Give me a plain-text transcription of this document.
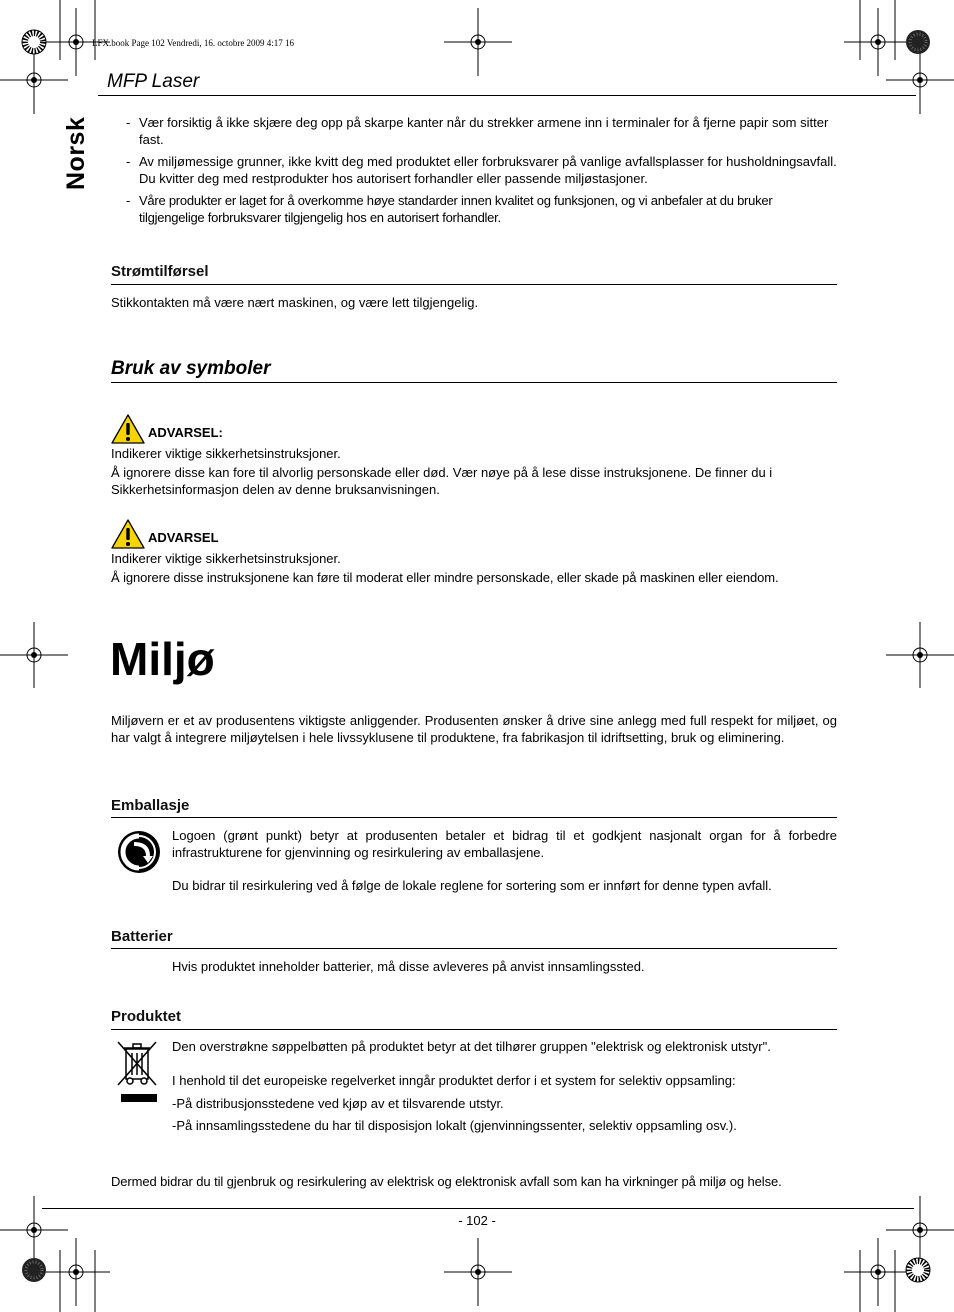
LFX.book Page 102 Vendredi, 16. octobre 2009 4:17 16
MFP Laser
Norsk
-	Vær forsiktig å ikke skjære deg opp på skarpe kanter når du strekker armene inn i terminaler for å fjerne papir som sitter fast.
- Av miljømessige grunner, ikke kvitt deg med produktet eller forbruksvarer på vanlige avfallsplasser for husholdningsavfall. Du kvitter deg med restprodukter hos autorisert forhandler eller passende miljøstasjoner.
- Våre produkter er laget for å overkomme høye standarder innen kvalitet og funksjonen, og vi anbefaler at du bruker tilgjengelige forbruksvarer tilgjengelig hos en autorisert forhandler.
Strømtilførsel

Stikkontakten må være nært maskinen, og være lett tilgjengelig.

Bruk av symboler
ADVARSEL:

Indikerer viktige sikkerhetsinstruksjoner.

Å ignorere disse kan fore til alvorlig personskade eller død. Vær nøye på å lese disse instruksjonene. De finner du i Sikkerhetsinformasjon delen av denne bruksanvisningen.

ADVARSEL

Indikerer viktige sikkerhetsinstruksjoner.

Å ignorere disse instruksjonene kan føre til moderat eller mindre personskade, eller skade på maskinen eller eiendom.

Miljø

Miljøvern er et av produsentens viktigste anliggender. Produsenten ønsker å drive sine anlegg med full respekt for miljøet, og har valgt å integrere miljøytelsen i hele livssyklusene til produktene, fra fabrikasjon til idriftsetting, bruk og eliminering.

Emballasje

Logoen (grønt punkt) betyr at produsenten betaler et bidrag til et godkjent nasjonalt organ for å forbedre infrastrukturene for gjenvinning og resirkulering av emballasjene.

Du bidrar til resirkulering ved å følge de lokale reglene for sortering som er innført for denne typen avfall.

Batterier

Hvis produktet inneholder batterier, må disse avleveres på anvist innsamlingssted.

Produktet

Den overstrøkne søppelbøtten på produktet betyr at det tilhører gruppen "elektrisk og elektronisk utstyr".

I henhold til det europeiske regelverket inngår produktet derfor i et system for selektiv oppsamling:

-På distribusjonsstedene ved kjøp av et tilsvarende utstyr.

-På innsamlingsstedene du har til disposisjon lokalt (gjenvinningssenter, selektiv oppsamling osv.).

Dermed bidrar du til gjenbruk og resirkulering av elektrisk og elektronisk avfall som kan ha virkninger på miljø og helse.

- 102 -
